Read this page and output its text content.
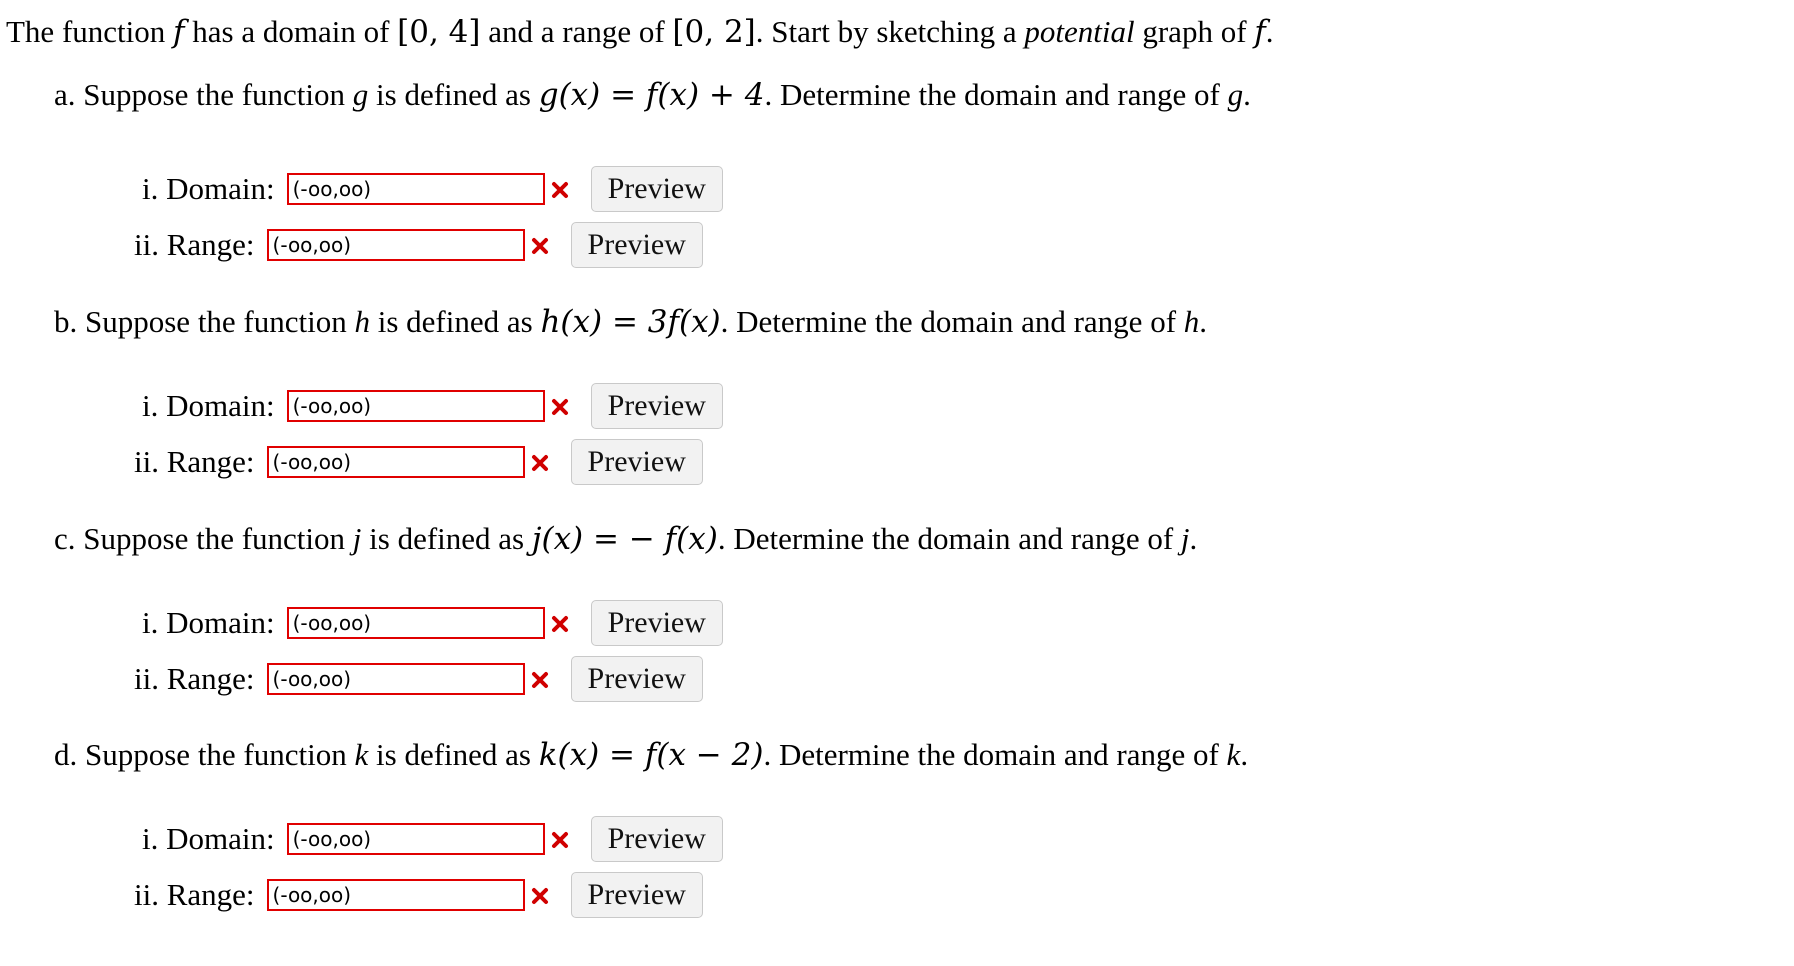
The function f has a domain of [0, 4] and a range of [0, 2]. Start by sketching a potential graph of f.
a. Suppose the function g is defined as g(x) = f(x) + 4. Determine the domain and range of g.
i. Domain:
(-oo,oo)	Preview
ii. Range:
(-oo,oo)	Preview
b. Suppose the function h is defined as h(x) = 3f(x). Determine the domain and range of h.
i. Domain:
(-oo,oo)	Preview
ii. Range:
(-oo,oo)	Preview
c. Suppose the function j is defined as j(x) = − f(x). Determine the domain and range of j.
i. Domain:
(-oo,oo)	Preview
ii. Range:
(-oo,oo)	Preview
d. Suppose the function k is defined as k(x) = f(x − 2). Determine the domain and range of k.
i. Domain:
(-oo,oo)	Preview
ii. Range:
(-oo,oo)	Preview
